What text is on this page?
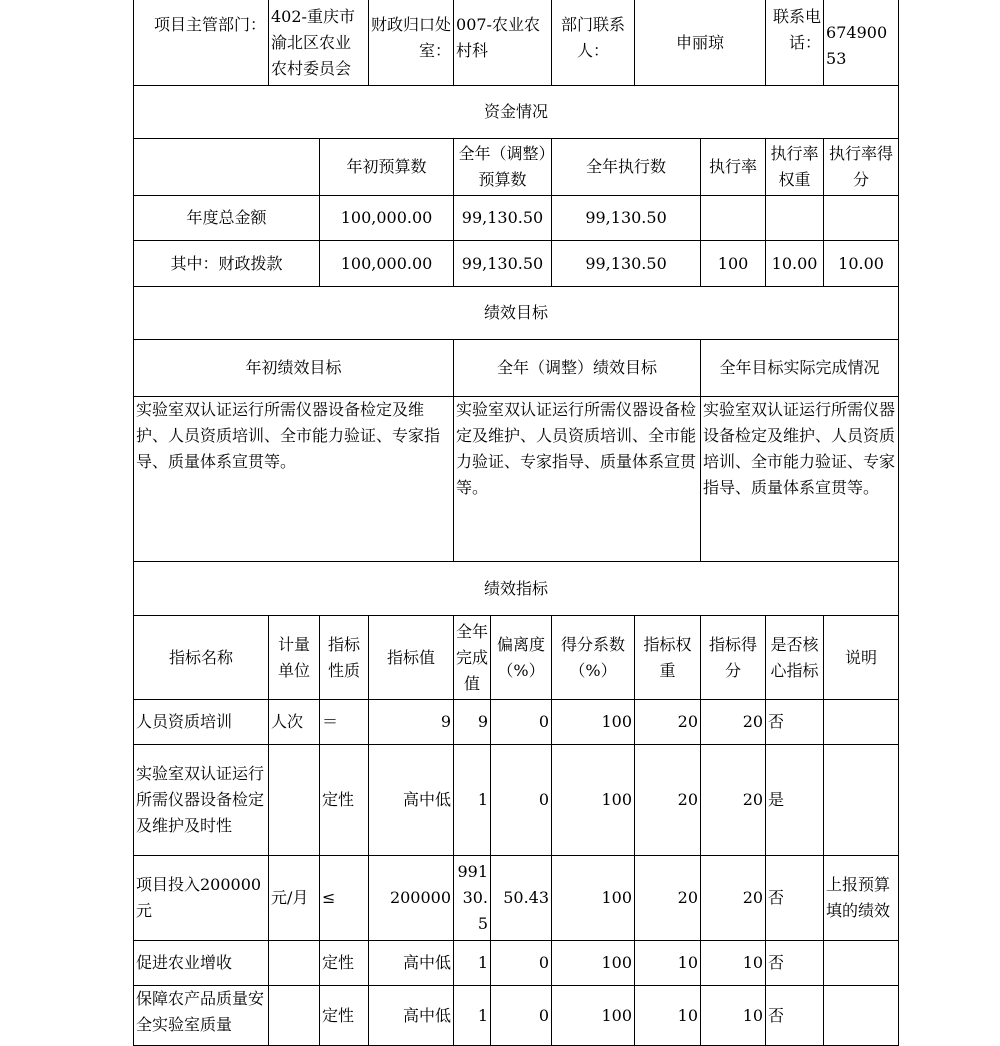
项目主管部门：	402-重庆市渝北区农业农村委员会		财政归口处室：	007-农业农村科		部门联系人：	申丽琼		联系电话：	67490053
资金情况										
		年初预算数		全年（调整）预算数		全年执行数		执行率	执行率权重	执行率得分
年度总金额		100,000.00		99,130.50		99,130.50				
其中：财政拨款		100,000.00		99,130.50		99,130.50		100	10.00	10.00
绩效目标										
年初绩效目标				全年（调整）绩效目标				全年目标实际完成情况		
实验室双认证运行所需仪器设备检定及维护、人员资质培训、全市能力验证、专家指导、质量体系宣贯等。				实验室双认证运行所需仪器设备检定及维护、人员资质培训、全市能力验证、专家指导、质量体系宣贯等。				实验室双认证运行所需仪器设备检定及维护、人员资质培训、全市能力验证、专家指导、质量体系宣贯等。		
绩效指标										
指标名称	计量单位	指标性质	指标值	全年完成值	偏离度（%）	得分系数（%）	指标权重	指标得分	是否核心指标	说明
人员资质培训	人次	＝	9	9	0	100	20	20	否	
实验室双认证运行所需仪器设备检定及维护及时性		定性	高中低	1	0	100	20	20	是	
项目投入200000元	元/月	≤	200000	99130.5	50.43	100	20	20	否	上报预算填的绩效
促进农业增收		定性	高中低	1	0	100	10	10	否	
保障农产品质量安全实验室质量		定性	高中低	1	0	100	10	10	否	
